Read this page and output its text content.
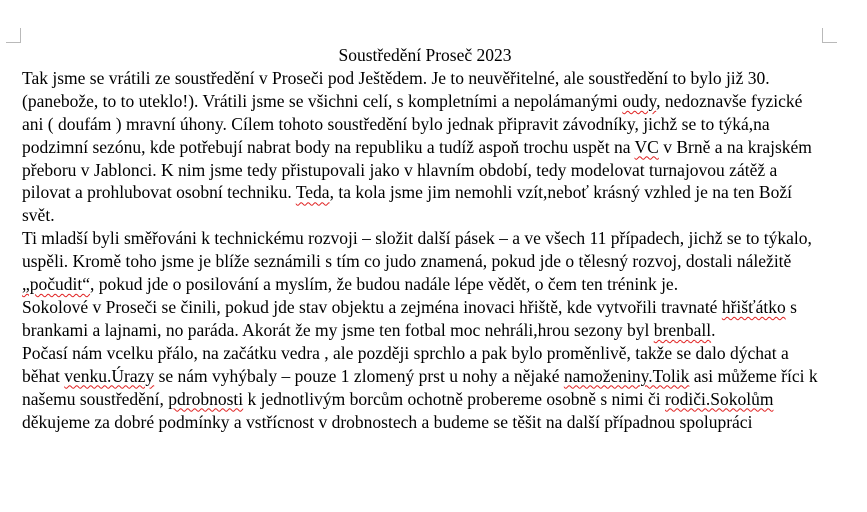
Soustředění Proseč 2023

Tak jsme se vrátili ze soustředění v Proseči pod Ještědem. Je to neuvěřitelné, ale soustředění to bylo již 30. (panebože, to to uteklo!). Vrátili jsme se všichni celí, s kompletními a nepolámanými oudy, nedoznavše fyzické ani ( doufám ) mravní úhony. Cílem tohoto soustředění bylo jednak připravit závodníky, jichž se to týká,na podzimní sezónu, kde potřebují nabrat body na republiku a tudíž aspoň trochu uspět na VC v Brně a na krajském přeboru v Jablonci. K nim jsme tedy přistupovali jako v hlavním období, tedy modelovat turnajovou zátěž a pilovat a prohlubovat osobní techniku. Teda, ta kola jsme jim nemohli vzít,neboť krásný vzhled je na ten Boží svět.

Ti mladší byli směřováni k technickému rozvoji – složit další pásek – a ve všech 11 případech, jichž se to týkalo, uspěli. Kromě toho jsme je blíže seznámili s tím co judo znamená, pokud jde o tělesný rozvoj, dostali náležitě „počudit“, pokud jde o posilování a myslím, že budou nadále lépe vědět, o čem ten trénink je.

Sokolové v Proseči se činili, pokud jde stav objektu a zejména inovaci hřiště, kde vytvořili travnaté hřišťátko s brankami a lajnami, no paráda. Akorát že my jsme ten fotbal moc nehráli,hrou sezony byl brenball.

Počasí nám vcelku přálo, na začátku vedra , ale později sprchlo a pak bylo proměnlivě, takže se dalo dýchat a běhat venku.Úrazy se nám vyhýbaly – pouze 1 zlomený prst u nohy a nějaké namoženiny.Tolik asi můžeme říci k našemu soustředění, pdrobnosti k jednotlivým borcům ochotně probereme osobně s nimi či rodiči.Sokolům děkujeme za dobré podmínky a vstřícnost v drobnostech a budeme se těšit na další případnou spolupráci
